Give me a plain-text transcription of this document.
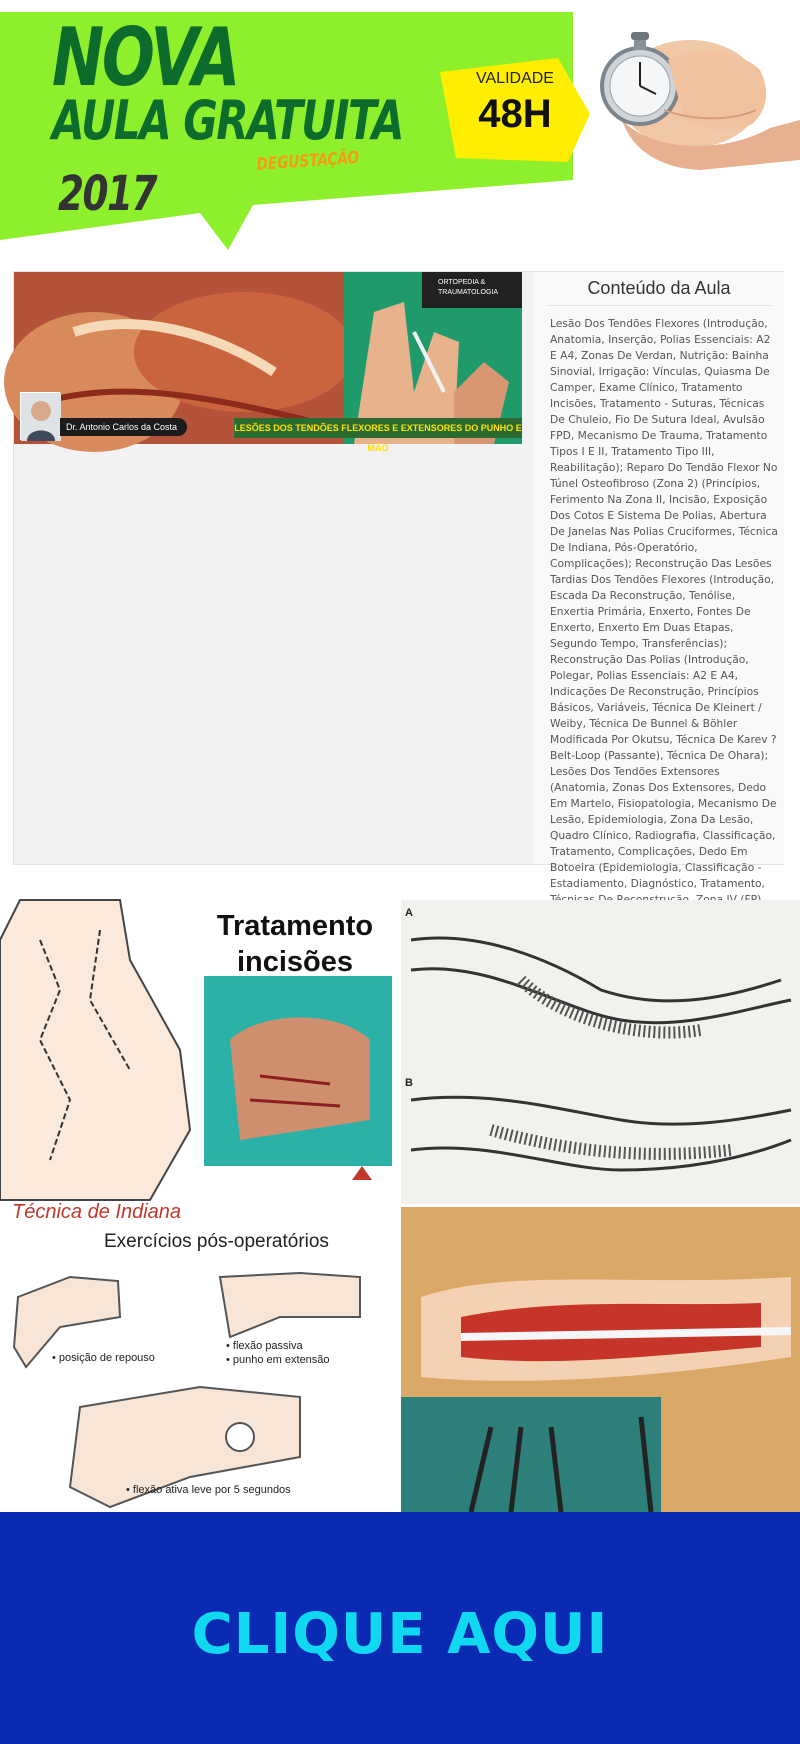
NOVA
AULA GRATUITA
2017
DEGUSTAÇÃO
VALIDADE
48H
ORTOPEDIA & TRAUMATOLOGIA
Dr. Antonio Carlos da Costa	LESÕES DOS TENDÕES FLEXORES E EXTENSORES DO PUNHO E MÃO
Conteúdo da Aula
Lesão Dos Tendões Flexores (Introdução, Anatomia, Inserção, Polias Essenciais: A2 E A4, Zonas De Verdan, Nutrição: Bainha Sinovial, Irrigação: Vínculas, Quiasma De Camper, Exame Clínico, Tratamento Incisões, Tratamento - Suturas, Técnicas De Chuleio, Fio De Sutura Ideal, Avulsão FPD, Mecanismo De Trauma, Tratamento Tipos I E II, Tratamento Tipo III, Reabilitação); Reparo Do Tendão Flexor No Túnel Osteofibroso (Zona 2) (Princípios, Ferimento Na Zona II, Incisão, Exposição Dos Cotos E Sistema De Polias, Abertura De Janelas Nas Polias Cruciformes, Técnica De Indiana, Pós-Operatório, Complicações); Reconstrução Das Lesões Tardias Dos Tendões Flexores (Introdução, Escada Da Reconstrução, Tenólise, Enxertia Primária, Enxerto, Fontes De Enxerto, Enxerto Em Duas Etapas, Segundo Tempo, Transferências); Reconstrução Das Polias (Introdução, Polegar, Polias Essenciais: A2 E A4, Indicações De Reconstrução, Princípios Básicos, Variáveis, Técnica De Kleinert / Weiby, Técnica De Bunnel & Böhler Modificada Por Okutsu, Técnica De Karev ? Belt-Loop (Passante), Técnica De Ohara); Lesões Dos Tendões Extensores (Anatomia, Zonas Dos Extensores, Dedo Em Martelo, Fisiopatologia, Mecanismo De Lesão, Epidemiologia, Zona Da Lesão, Quadro Clínico, Radiografia, Classificação, Tratamento, Complicações, Dedo Em Botoeira (Epidemiologia, Classificação - Estadiamento, Diagnóstico, Tratamento,
Tratamento
incisões
A
B
Técnica de Indiana
Exercícios pós-operatórios
• posição de repouso
• flexão passiva
• punho em extensão
• flexão ativa leve por 5 segundos
CLIQUE AQUI
